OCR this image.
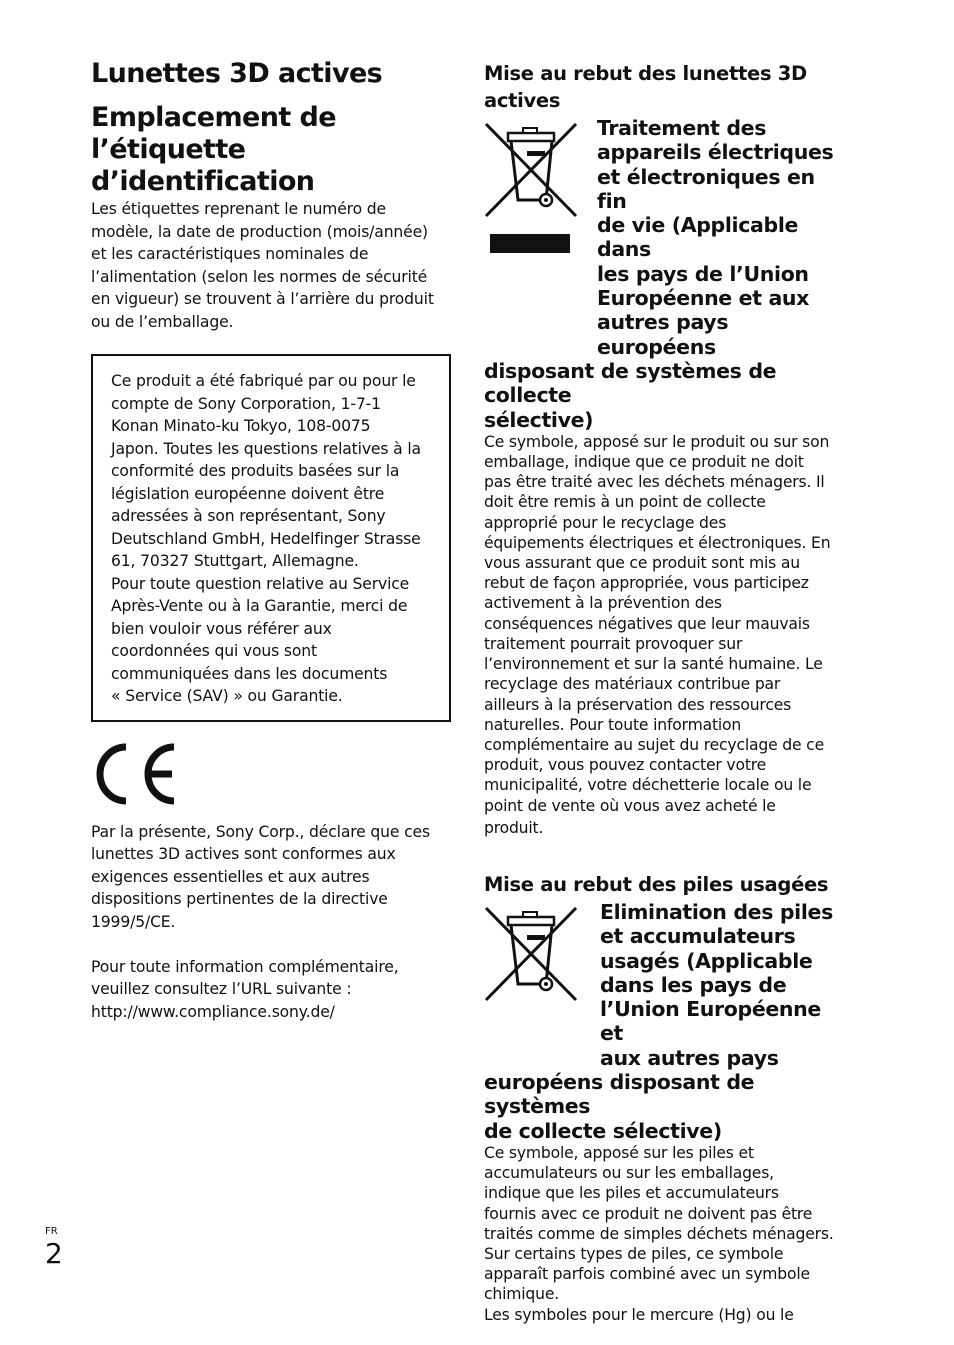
Lunettes 3D actives
Emplacement de
l’étiquette
d’identification
Les étiquettes reprenant le numéro de
modèle, la date de production (mois/année)
et les caractéristiques nominales de
l’alimentation (selon les normes de sécurité
en vigueur) se trouvent à l’arrière du produit
ou de l’emballage.
Ce produit a été fabriqué par ou pour le
compte de Sony Corporation, 1-7-1
Konan Minato-ku Tokyo, 108-0075
Japon. Toutes les questions relatives à la
conformité des produits basées sur la
législation européenne doivent être
adressées à son représentant, Sony
Deutschland GmbH, Hedelfinger Strasse
61, 70327 Stuttgart, Allemagne.
Pour toute question relative au Service
Après-Vente ou à la Garantie, merci de
bien vouloir vous référer aux
coordonnées qui vous sont
communiquées dans les documents
« Service (SAV) » ou Garantie.
Par la présente, Sony Corp., déclare que ces
lunettes 3D actives sont conformes aux
exigences essentielles et aux autres
dispositions pertinentes de la directive
1999/5/CE.
Pour toute information complémentaire,
veuillez consultez l’URL suivante :
http://www.compliance.sony.de/
Mise au rebut des lunettes 3D
actives
Traitement des
appareils électriques
et électroniques en fin
de vie (Applicable dans
les pays de l’Union
Européenne et aux
autres pays européens
disposant de systèmes de collecte
sélective)
Ce symbole, apposé sur le produit ou sur son
emballage, indique que ce produit ne doit
pas être traité avec les déchets ménagers. Il
doit être remis à un point de collecte
approprié pour le recyclage des
équipements électriques et électroniques. En
vous assurant que ce produit sont mis au
rebut de façon appropriée, vous participez
activement à la prévention des
conséquences négatives que leur mauvais
traitement pourrait provoquer sur
l’environnement et sur la santé humaine. Le
recyclage des matériaux contribue par
ailleurs à la préservation des ressources
naturelles. Pour toute information
complémentaire au sujet du recyclage de ce
produit, vous pouvez contacter votre
municipalité, votre déchetterie locale ou le
point de vente où vous avez acheté le
produit.
Mise au rebut des piles usagées
Elimination des piles
et accumulateurs
usagés (Applicable
dans les pays de
l’Union Européenne et
aux autres pays
européens disposant de systèmes
de collecte sélective)
Ce symbole, apposé sur les piles et
accumulateurs ou sur les emballages,
indique que les piles et accumulateurs
fournis avec ce produit ne doivent pas être
traités comme de simples déchets ménagers.
Sur certains types de piles, ce symbole
apparaît parfois combiné avec un symbole
chimique.
Les symboles pour le mercure (Hg) ou le
FR
2
